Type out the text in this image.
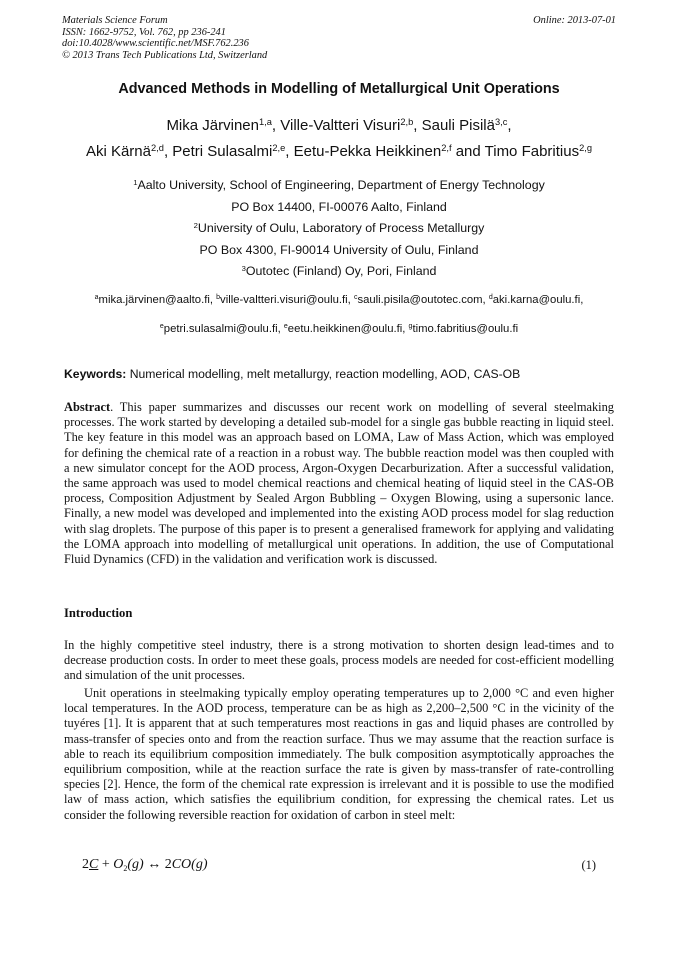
Materials Science Forum
ISSN: 1662-9752, Vol. 762, pp 236-241
doi:10.4028/www.scientific.net/MSF.762.236
© 2013 Trans Tech Publications Ltd, Switzerland
Online: 2013-07-01
Advanced Methods in Modelling of Metallurgical Unit Operations
Mika Järvinen$^{1,a}$, Ville-Valtteri Visuri$^{2,b}$, Sauli Pisilä$^{3,c}$,
Aki Kärnä$^{2,d}$, Petri Sulasalmi$^{2,e}$, Eetu-Pekka Heikkinen$^{2,f}$ and Timo Fabritius$^{2,g}$
$^1$Aalto University, School of Engineering, Department of Energy Technology
PO Box 14400, FI-00076 Aalto, Finland
$^2$University of Oulu, Laboratory of Process Metallurgy
PO Box 4300, FI-90014 University of Oulu, Finland
$^3$Outotec (Finland) Oy, Pori, Finland
$^a$mika.järvinen@aalto.fi, $^b$ville-valtteri.visuri@oulu.fi, $^c$sauli.pisila@outotec.com, $^d$aki.karna@oulu.fi,
$^e$petri.sulasalmi@oulu.fi, $^e$eetu.heikkinen@oulu.fi, $^g$timo.fabritius@oulu.fi
Keywords: Numerical modelling, melt metallurgy, reaction modelling, AOD, CAS-OB
Abstract. This paper summarizes and discusses our recent work on modelling of several steelmaking processes. The work started by developing a detailed sub-model for a single gas bubble reacting in liquid steel. The key feature in this model was an approach based on LOMA, Law of Mass Action, which was employed for defining the chemical rate of a reaction in a robust way. The bubble reaction model was then coupled with a new simulator concept for the AOD process, Argon-Oxygen Decarburization. After a successful validation, the same approach was used to model chemical reactions and chemical heating of liquid steel in the CAS-OB process, Composition Adjustment by Sealed Argon Bubbling – Oxygen Blowing, using a supersonic lance. Finally, a new model was developed and implemented into the existing AOD process model for slag reduction with slag droplets. The purpose of this paper is to present a generalised framework for applying and validating the LOMA approach into modelling of metallurgical unit operations. In addition, the use of Computational Fluid Dynamics (CFD) in the validation and verification work is discussed.
Introduction

In the highly competitive steel industry, there is a strong motivation to shorten design lead-times and to decrease production costs. In order to meet these goals, process models are needed for cost-efficient modelling and simulation of the unit processes.

Unit operations in steelmaking typically employ operating temperatures up to 2,000 °C and even higher local temperatures. In the AOD process, temperature can be as high as 2,200–2,500 °C in the vicinity of the tuyéres [1]. It is apparent that at such temperatures most reactions in gas and liquid phases are controlled by mass-transfer of species onto and from the reaction surface. Thus we may assume that the reaction surface is able to reach its equilibrium composition immediately. The bulk composition asymptotically approaches the equilibrium composition, while at the reaction surface the rate is given by mass-transfer of rate-controlling species [2]. Hence, the form of the chemical rate expression is irrelevant and it is possible to use the modified law of mass action, which satisfies the equilibrium condition, for expressing the chemical rates. Let us consider the following reversible reaction for oxidation of carbon in steel melt:

$2C + O_2(g)$ ↔ 2CO(g)	(1)
